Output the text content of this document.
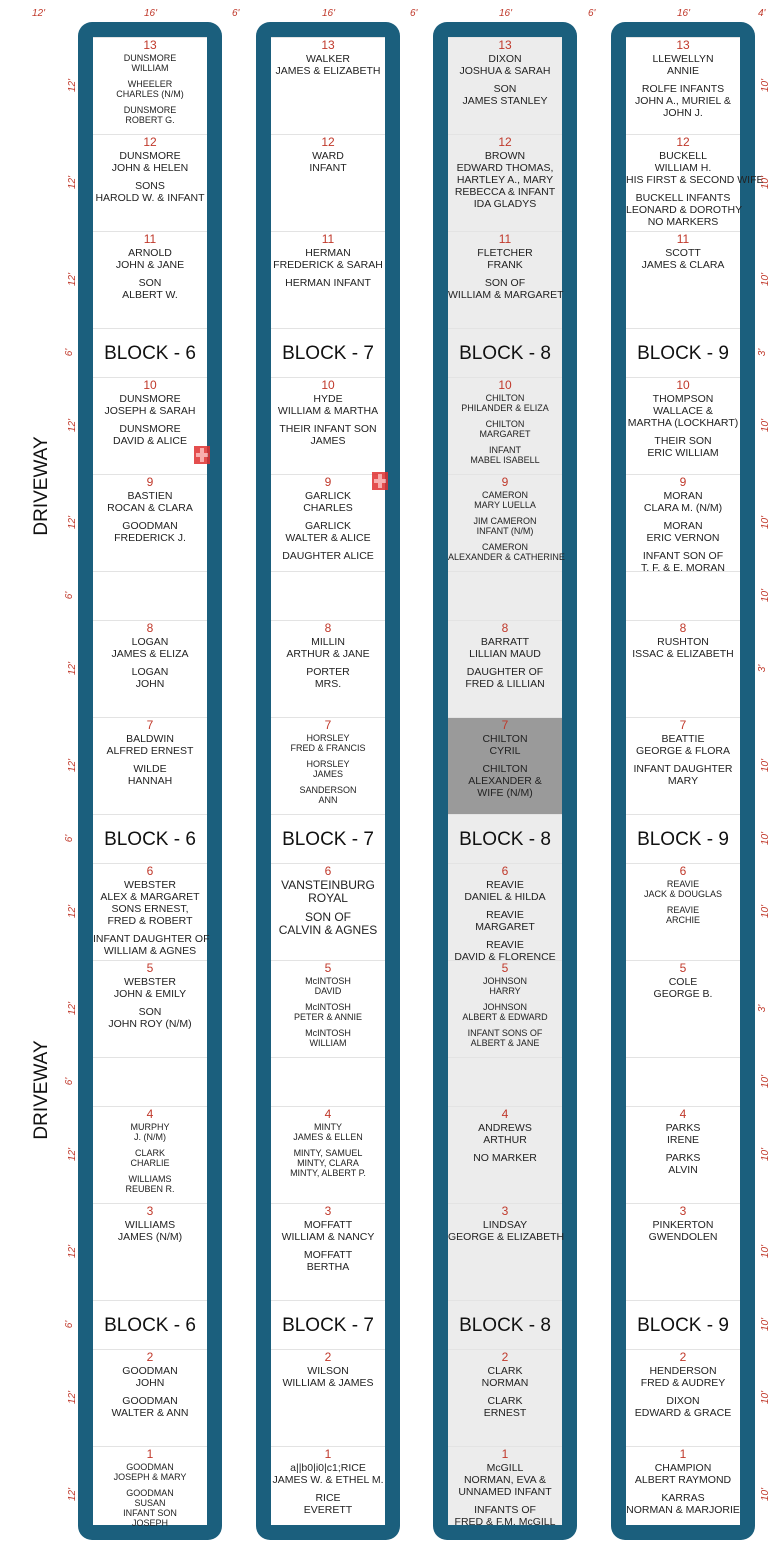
13
DUNSMORE
WILLIAM
WHEELER
CHARLES (N/M)
DUNSMORE
ROBERT G.
12
DUNSMORE
JOHN & HELEN
SONS
HAROLD W. & INFANT
11
ARNOLD
JOHN & JANE
SON
ALBERT W.
BLOCK - 6
10
DUNSMORE
JOSEPH & SARAH
DUNSMORE
DAVID & ALICE
9
BASTIEN
ROCAN & CLARA
GOODMAN
FREDERICK J.
8
LOGAN
JAMES & ELIZA
LOGAN
JOHN
7
BALDWIN
ALFRED ERNEST
WILDE
HANNAH
BLOCK - 6
6
WEBSTER
ALEX & MARGARET
SONS ERNEST,
FRED & ROBERT
INFANT DAUGHTER OF
WILLIAM & AGNES
5
WEBSTER
JOHN & EMILY
SON
JOHN ROY (N/M)
4
MURPHY
J. (N/M)
CLARK
CHARLIE
WILLIAMS
REUBEN R.
3
WILLIAMS
JAMES (N/M)
BLOCK - 6
2
GOODMAN
JOHN
GOODMAN
WALTER & ANN
1
GOODMAN
JOSEPH & MARY
GOODMAN
SUSAN
INFANT SON
JOSEPH
13
WALKER
JAMES & ELIZABETH
12
WARD
INFANT
11
HERMAN
FREDERICK & SARAH
HERMAN INFANT
BLOCK - 7
10
HYDE
WILLIAM & MARTHA
THEIR INFANT SON
JAMES
9
GARLICK
CHARLES
GARLICK
WALTER & ALICE
DAUGHTER ALICE
8
MILLIN
ARTHUR & JANE
PORTER
MRS.
7
HORSLEY
FRED & FRANCIS
HORSLEY
JAMES
SANDERSON
ANN
BLOCK - 7
6
VANSTEINBURG
ROYAL
SON OF
CALVIN & AGNES
5
McINTOSH
DAVID
McINTOSH
PETER & ANNIE
McINTOSH
WILLIAM
4
MINTY
JAMES & ELLEN
MINTY, SAMUEL
MINTY, CLARA
MINTY, ALBERT P.
3
MOFFATT
WILLIAM & NANCY
MOFFATT
BERTHA
BLOCK - 7
2
WILSON
WILLIAM & JAMES
1
a||b0|i0|c1;RICE
JAMES W. & ETHEL M.
RICE
EVERETT
13
DIXON
JOSHUA & SARAH
SON
JAMES STANLEY
12
BROWN
EDWARD THOMAS,
HARTLEY A., MARY
REBECCA & INFANT
IDA GLADYS
11
FLETCHER
FRANK
SON OF
WILLIAM & MARGARET
BLOCK - 8
10
CHILTON
PHILANDER & ELIZA
CHILTON
MARGARET
INFANT
MABEL ISABELL
9
CAMERON
MARY LUELLA
JIM CAMERON
INFANT (N/M)
CAMERON
ALEXANDER & CATHERINE
8
BARRATT
LILLIAN MAUD
DAUGHTER OF
FRED & LILLIAN
7
CHILTON
CYRIL
CHILTON
ALEXANDER &
WIFE (N/M)
BLOCK - 8
6
REAVIE
DANIEL & HILDA
REAVIE
MARGARET
REAVIE
DAVID & FLORENCE
5
JOHNSON
HARRY
JOHNSON
ALBERT & EDWARD
INFANT SONS OF
ALBERT & JANE
4
ANDREWS
ARTHUR
NO MARKER
3
LINDSAY
GEORGE & ELIZABETH
BLOCK - 8
2
CLARK
NORMAN
CLARK
ERNEST
1
McGILL
NORMAN, EVA &
UNNAMED INFANT
INFANTS OF
FRED & F.M. McGILL
13
LLEWELLYN
ANNIE
ROLFE INFANTS
JOHN A., MURIEL &
JOHN J.
12
BUCKELL
WILLIAM H.
HIS FIRST & SECOND WIFE
BUCKELL INFANTS
LEONARD & DOROTHY
NO MARKERS
11
SCOTT
JAMES & CLARA
BLOCK - 9
10
THOMPSON
WALLACE &
MARTHA (LOCKHART)
THEIR SON
ERIC WILLIAM
9
MORAN
CLARA M. (N/M)
MORAN
ERIC VERNON
INFANT SON OF
T. F. & E. MORAN
8
RUSHTON
ISSAC & ELIZABETH
7
BEATTIE
GEORGE & FLORA
INFANT DAUGHTER
MARY
BLOCK - 9
6
REAVIE
JACK & DOUGLAS
REAVIE
ARCHIE
5
COLE
GEORGE B.
4
PARKS
IRENE
PARKS
ALVIN
3
PINKERTON
GWENDOLEN
BLOCK - 9
2
HENDERSON
FRED & AUDREY
DIXON
EDWARD & GRACE
1
CHAMPION
ALBERT RAYMOND
KARRAS
NORMAN & MARJORIE
12'	16'	6'	16'	6'	16'	6'	16'	4'
12'	10'
12'	10'
12'	10'
6'	3'
12'	10'
12'	10'
6'	10'
12'	3'
12'	10'
6'	10'
12'	10'
12'	3'
6'	10'
12'	10'
12'	10'
6'	10'
12'	10'
12'	10'
DRIVEWAY
DRIVEWAY
